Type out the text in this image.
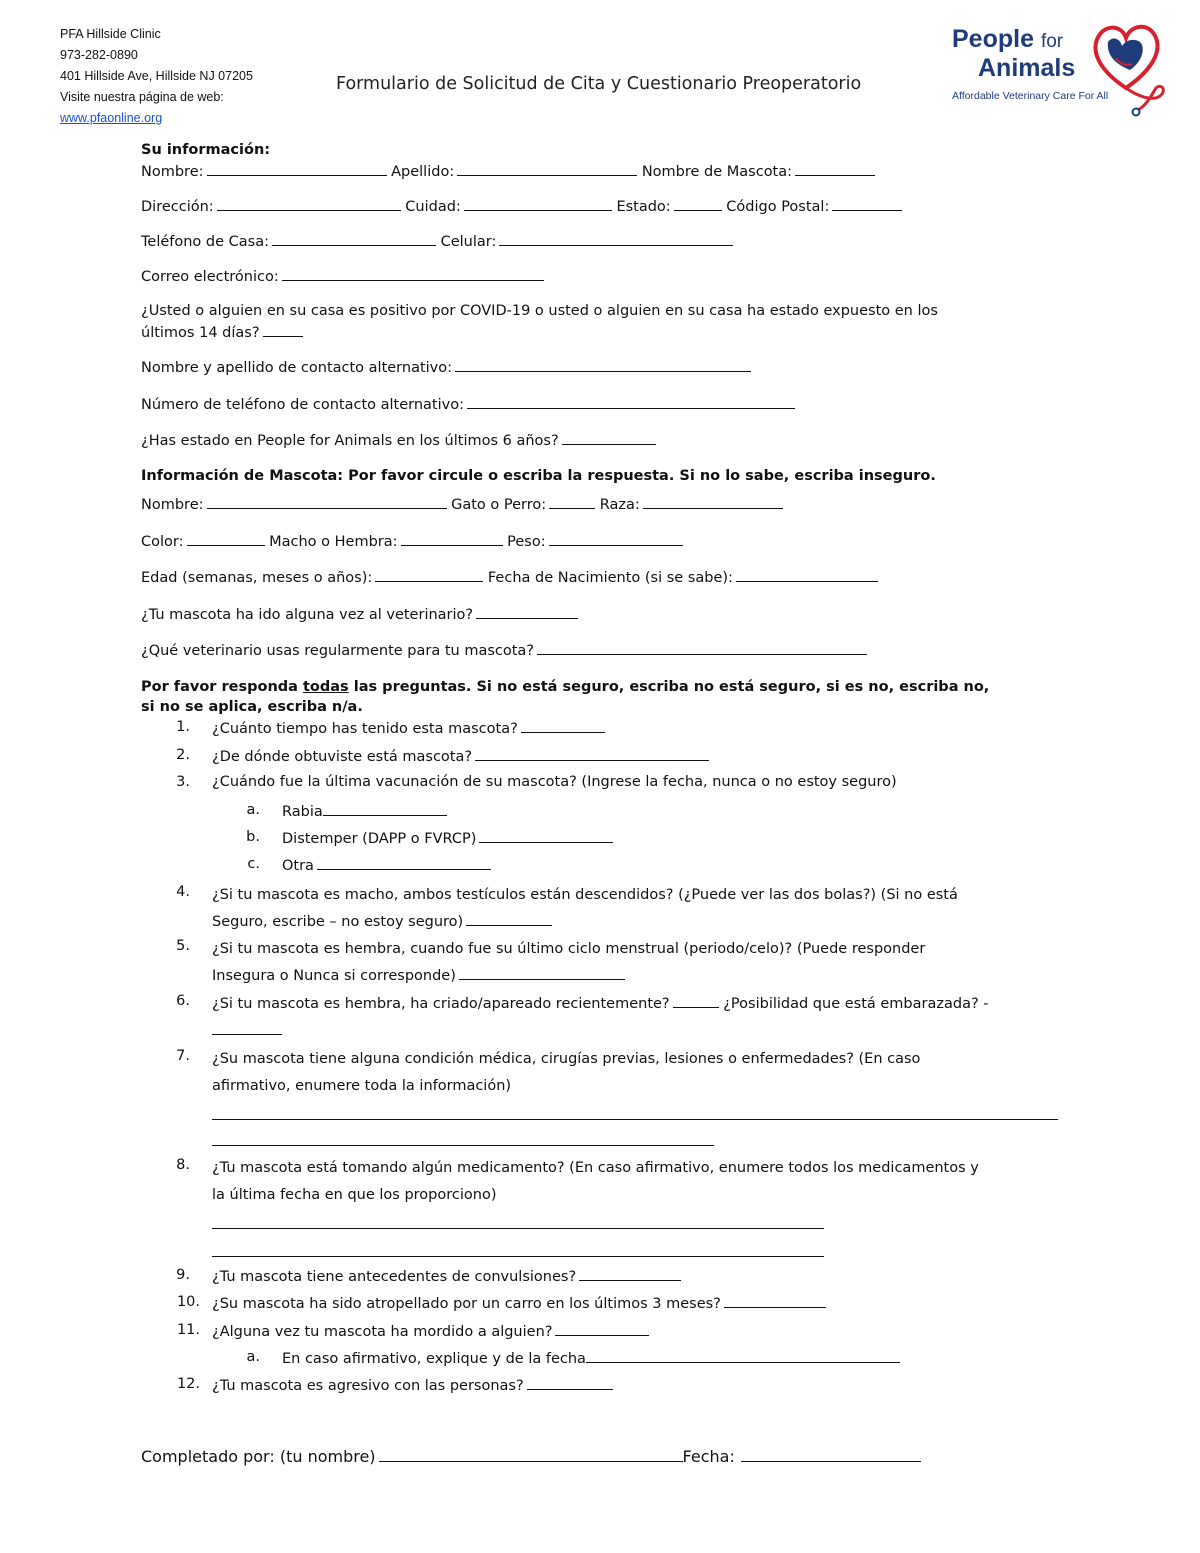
PFA Hillside Clinic
973-282-0890
401 Hillside Ave, Hillside NJ 07205
Visite nuestra página de web:
www.pfaonline.org
Formulario de Solicitud de Cita y Cuestionario Preoperatorio
People for
Animals
Affordable Veterinary Care For All
Su información:
Nombre:	Apellido:	Nombre de Mascota:
Dirección:	Cuidad:	Estado:	Código Postal:
Teléfono de Casa:	Celular:
Correo electrónico:
¿Usted o alguien en su casa es positivo por COVID-19 o usted o alguien en su casa ha estado expuesto en los
últimos 14 días?
Nombre y apellido de contacto alternativo:
Número de teléfono de contacto alternativo:
¿Has estado en People for Animals en los últimos 6 años?
Información de Mascota: Por favor circule o escriba la respuesta. Si no lo sabe, escriba inseguro.
Nombre:	Gato o Perro:	Raza:
Color:	Macho o Hembra:	Peso:
Edad (semanas, meses o años):	Fecha de Nacimiento (si se sabe):
¿Tu mascota ha ido alguna vez al veterinario?
¿Qué veterinario usas regularmente para tu mascota?
Por favor responda todas las preguntas. Si no está seguro, escriba no está seguro, si es no, escriba no,
si no se aplica, escriba n/a.
1. ¿Cuánto tiempo has tenido esta mascota?
2. ¿De dónde obtuviste está mascota?
3. ¿Cuándo fue la última vacunación de su mascota? (Ingrese la fecha, nunca o no estoy seguro)
a. Rabia
b. Distemper (DAPP o FVRCP)
c. Otra
4. ¿Si tu mascota es macho, ambos testículos están descendidos? (¿Puede ver las dos bolas?) (Si no está
Seguro, escribe – no estoy seguro)
5. ¿Si tu mascota es hembra, cuando fue su último ciclo menstrual (periodo/celo)? (Puede responder
Insegura o Nunca si corresponde)
6. ¿Si tu mascota es hembra, ha criado/apareado recientemente?	¿Posibilidad que está embarazada? -
7. ¿Su mascota tiene alguna condición médica, cirugías previas, lesiones o enfermedades? (En caso
afirmativo, enumere toda la información)
8. ¿Tu mascota está tomando algún medicamento? (En caso afirmativo, enumere todos los medicamentos y
la última fecha en que los proporciono)
9. ¿Tu mascota tiene antecedentes de convulsiones?
10. ¿Su mascota ha sido atropellado por un carro en los últimos 3 meses?
11. ¿Alguna vez tu mascota ha mordido a alguien?
a. En caso afirmativo, explique y de la fecha
12. ¿Tu mascota es agresivo con las personas?
Completado por: (tu nombre)	Fecha:
